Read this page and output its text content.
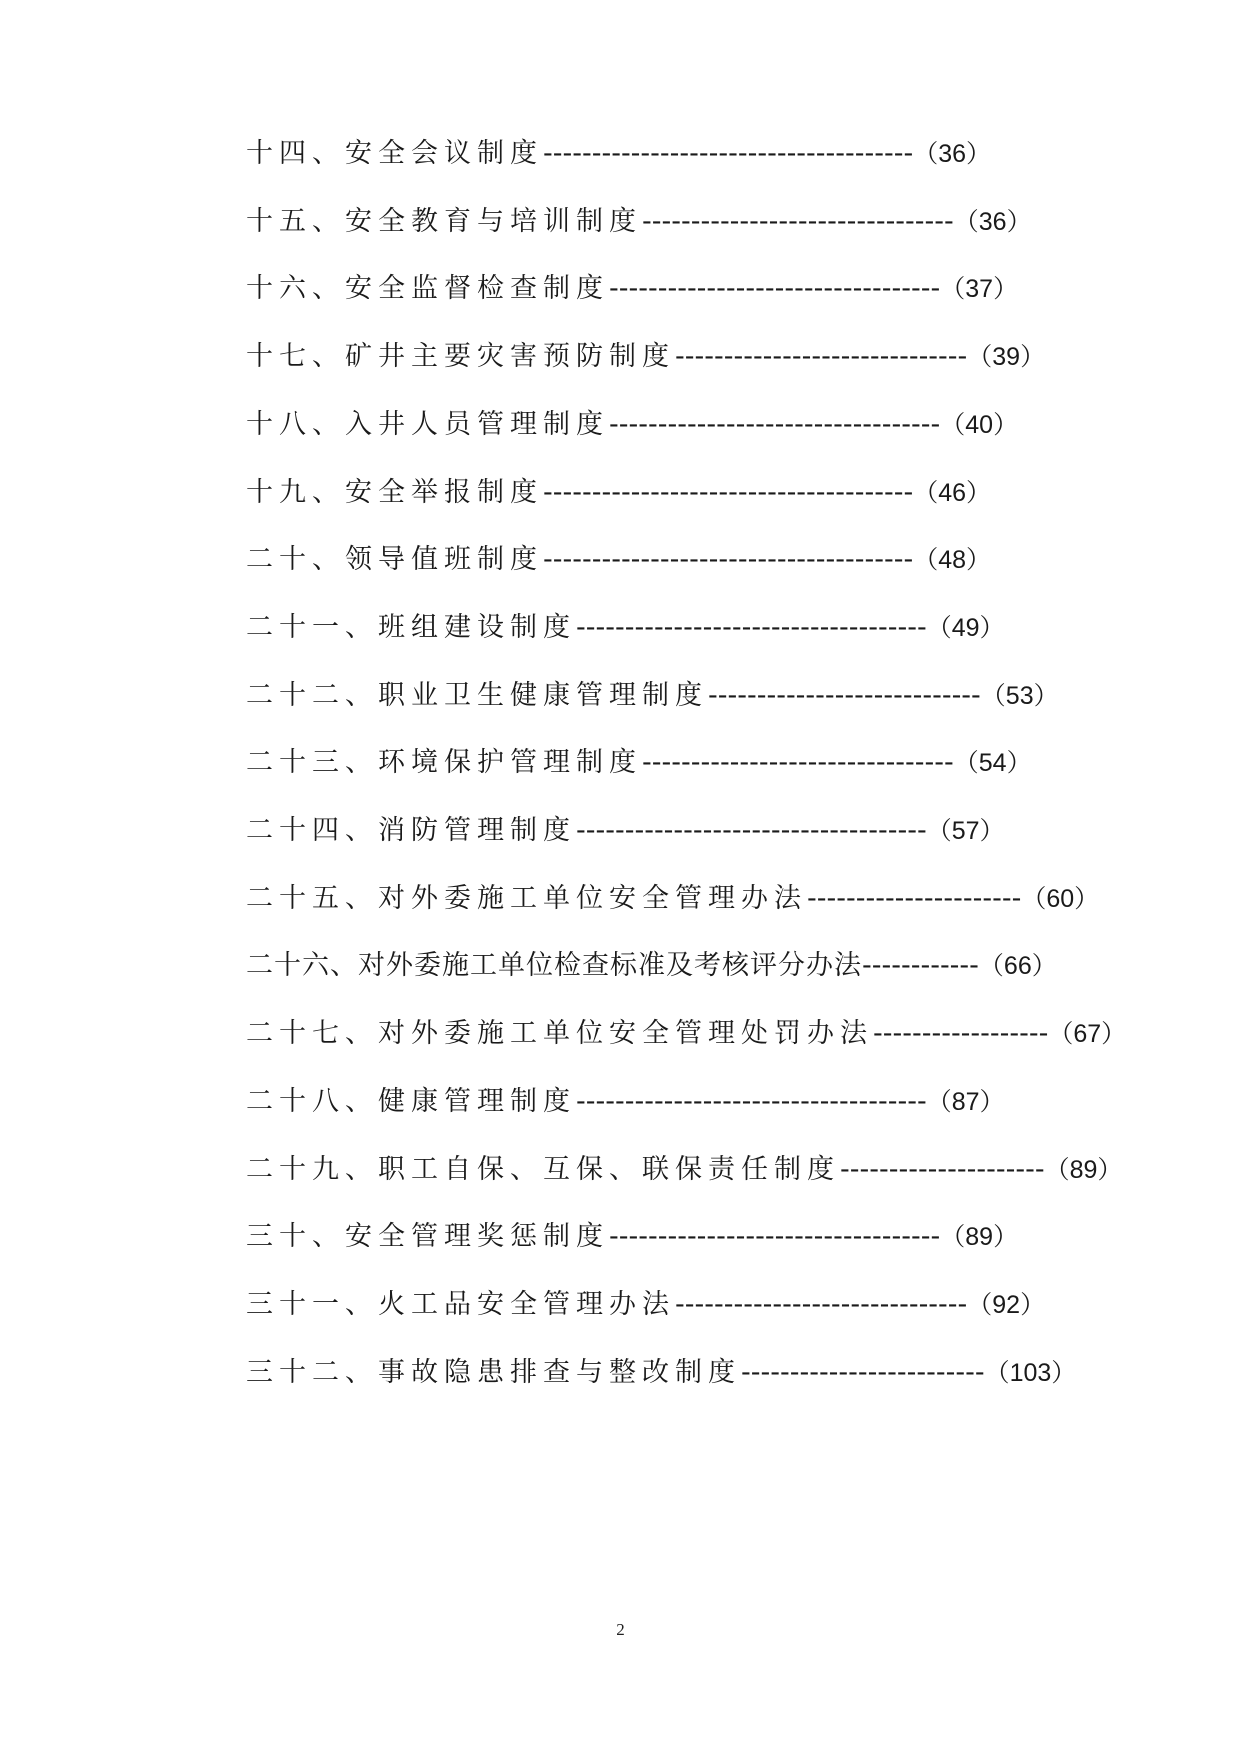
十四、安全会议制度--------------------------------------（36）
十五、安全教育与培训制度--------------------------------（36）
十六、安全监督检查制度----------------------------------（37）
十七、矿井主要灾害预防制度------------------------------（39）
十八、入井人员管理制度----------------------------------（40）
十九、安全举报制度--------------------------------------（46）
二十、领导值班制度--------------------------------------（48）
二十一、班组建设制度------------------------------------（49）
二十二、职业卫生健康管理制度----------------------------（53）
二十三、环境保护管理制度--------------------------------（54）
二十四、消防管理制度------------------------------------（57）
二十五、对外委施工单位安全管理办法----------------------（60）
二十六、对外委施工单位检查标准及考核评分办法------------（66）
二十七、对外委施工单位安全管理处罚办法------------------（67）
二十八、健康管理制度------------------------------------（87）
二十九、职工自保、互保、联保责任制度---------------------（89）
三十、安全管理奖惩制度----------------------------------（89）
三十一、火工品安全管理办法------------------------------（92）
三十二、事故隐患排查与整改制度-------------------------（103）
2
